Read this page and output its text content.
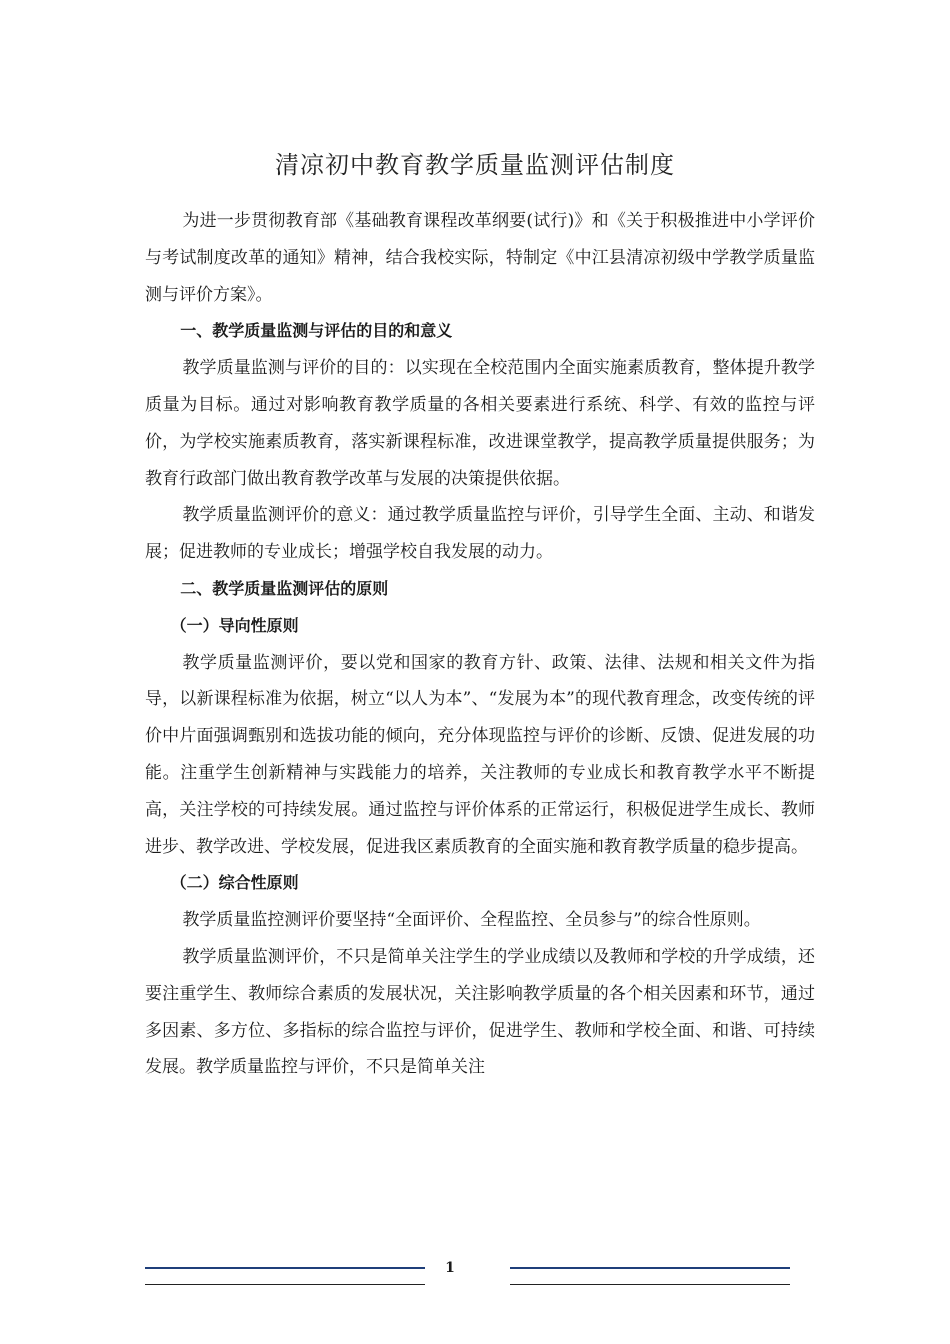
清凉初中教育教学质量监测评估制度

为进一步贯彻教育部《基础教育课程改革纲要(试行)》和《关于积极推进中小学评价与考试制度改革的通知》精神，结合我校实际，特制定《中江县清凉初级中学教学质量监测与评价方案》。

一、教学质量监测与评估的目的和意义

教学质量监测与评价的目的：以实现在全校范围内全面实施素质教育，整体提升教学质量为目标。通过对影响教育教学质量的各相关要素进行系统、科学、有效的监控与评价，为学校实施素质教育，落实新课程标准，改进课堂教学，提高教学质量提供服务；为教育行政部门做出教育教学改革与发展的决策提供依据。

教学质量监测评价的意义：通过教学质量监控与评价，引导学生全面、主动、和谐发展；促进教师的专业成长；增强学校自我发展的动力。

二、教学质量监测评估的原则

（一）导向性原则

教学质量监测评价，要以党和国家的教育方针、政策、法律、法规和相关文件为指导，以新课程标准为依据，树立“以人为本”、“发展为本”的现代教育理念，改变传统的评价中片面强调甄别和选拔功能的倾向，充分体现监控与评价的诊断、反馈、促进发展的功能。注重学生创新精神与实践能力的培养，关注教师的专业成长和教育教学水平不断提高，关注学校的可持续发展。通过监控与评价体系的正常运行，积极促进学生成长、教师进步、教学改进、学校发展，促进我区素质教育的全面实施和教育教学质量的稳步提高。

（二）综合性原则

教学质量监控测评价要坚持“全面评价、全程监控、全员参与”的综合性原则。

教学质量监测评价，不只是简单关注学生的学业成绩以及教师和学校的升学成绩，还要注重学生、教师综合素质的发展状况，关注影响教学质量的各个相关因素和环节，通过多因素、多方位、多指标的综合监控与评价，促进学生、教师和学校全面、和谐、可持续发展。教学质量监控与评价，不只是简单关注

1
